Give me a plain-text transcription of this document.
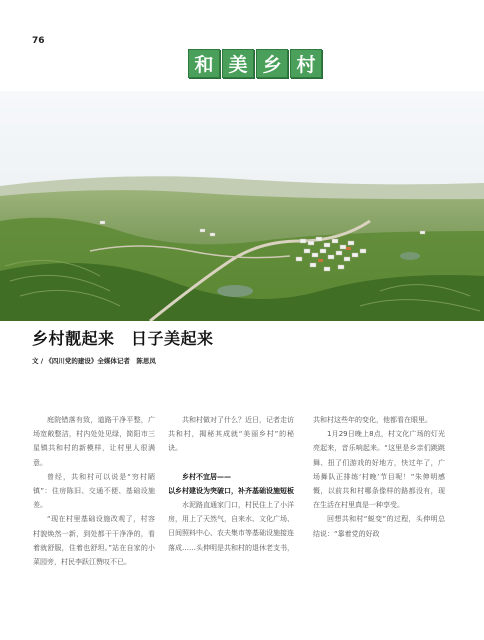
76
和 美 乡 村
乡村靓起来　日子美起来
文 / 《四川党的建设》全媒体记者　陈思凤

庭院错落有致，道路干净平整，广场宽敞整洁，村内处处见绿，简阳市三星镇共和村的新模样，让村里人很满意。

曾经，共和村可以说是“穷村陋镇”：住房陈旧、交通不便、基础设施差。

“现在村里基础设施改观了，村容村貌焕然一新，到处都干干净净的，看着就舒服，住着也舒坦。”站在自家的小菜园旁，村民李跃江赞叹不已。

共和村做对了什么？近日，记者走访共和村，揭秘其成就“美丽乡村”的秘诀。

乡村不宜居——
以乡村建设为突破口，补齐基础设施短板

水泥路直通家门口，村民住上了小洋房，用上了天然气，自来水、文化广场、日间照料中心、农夫集市等基础设施接连落成……头伸明是共和村的退休老支书，

共和村这些年的变化，他都看在眼里。

1月29日晚上8点，村文化广场的灯光亮起来，音乐响起来。“这里是乡亲们跳跳舞、扭了们游戏的好地方，快过年了，广场舞队正排练‘村晚’节目呢！”朱伸明感慨，以前共和村哪条像样的路都没有，现在生活在村里真是一种享受。

回想共和村“蜕变”的过程，头伸明总结说：“靠着党的好政
